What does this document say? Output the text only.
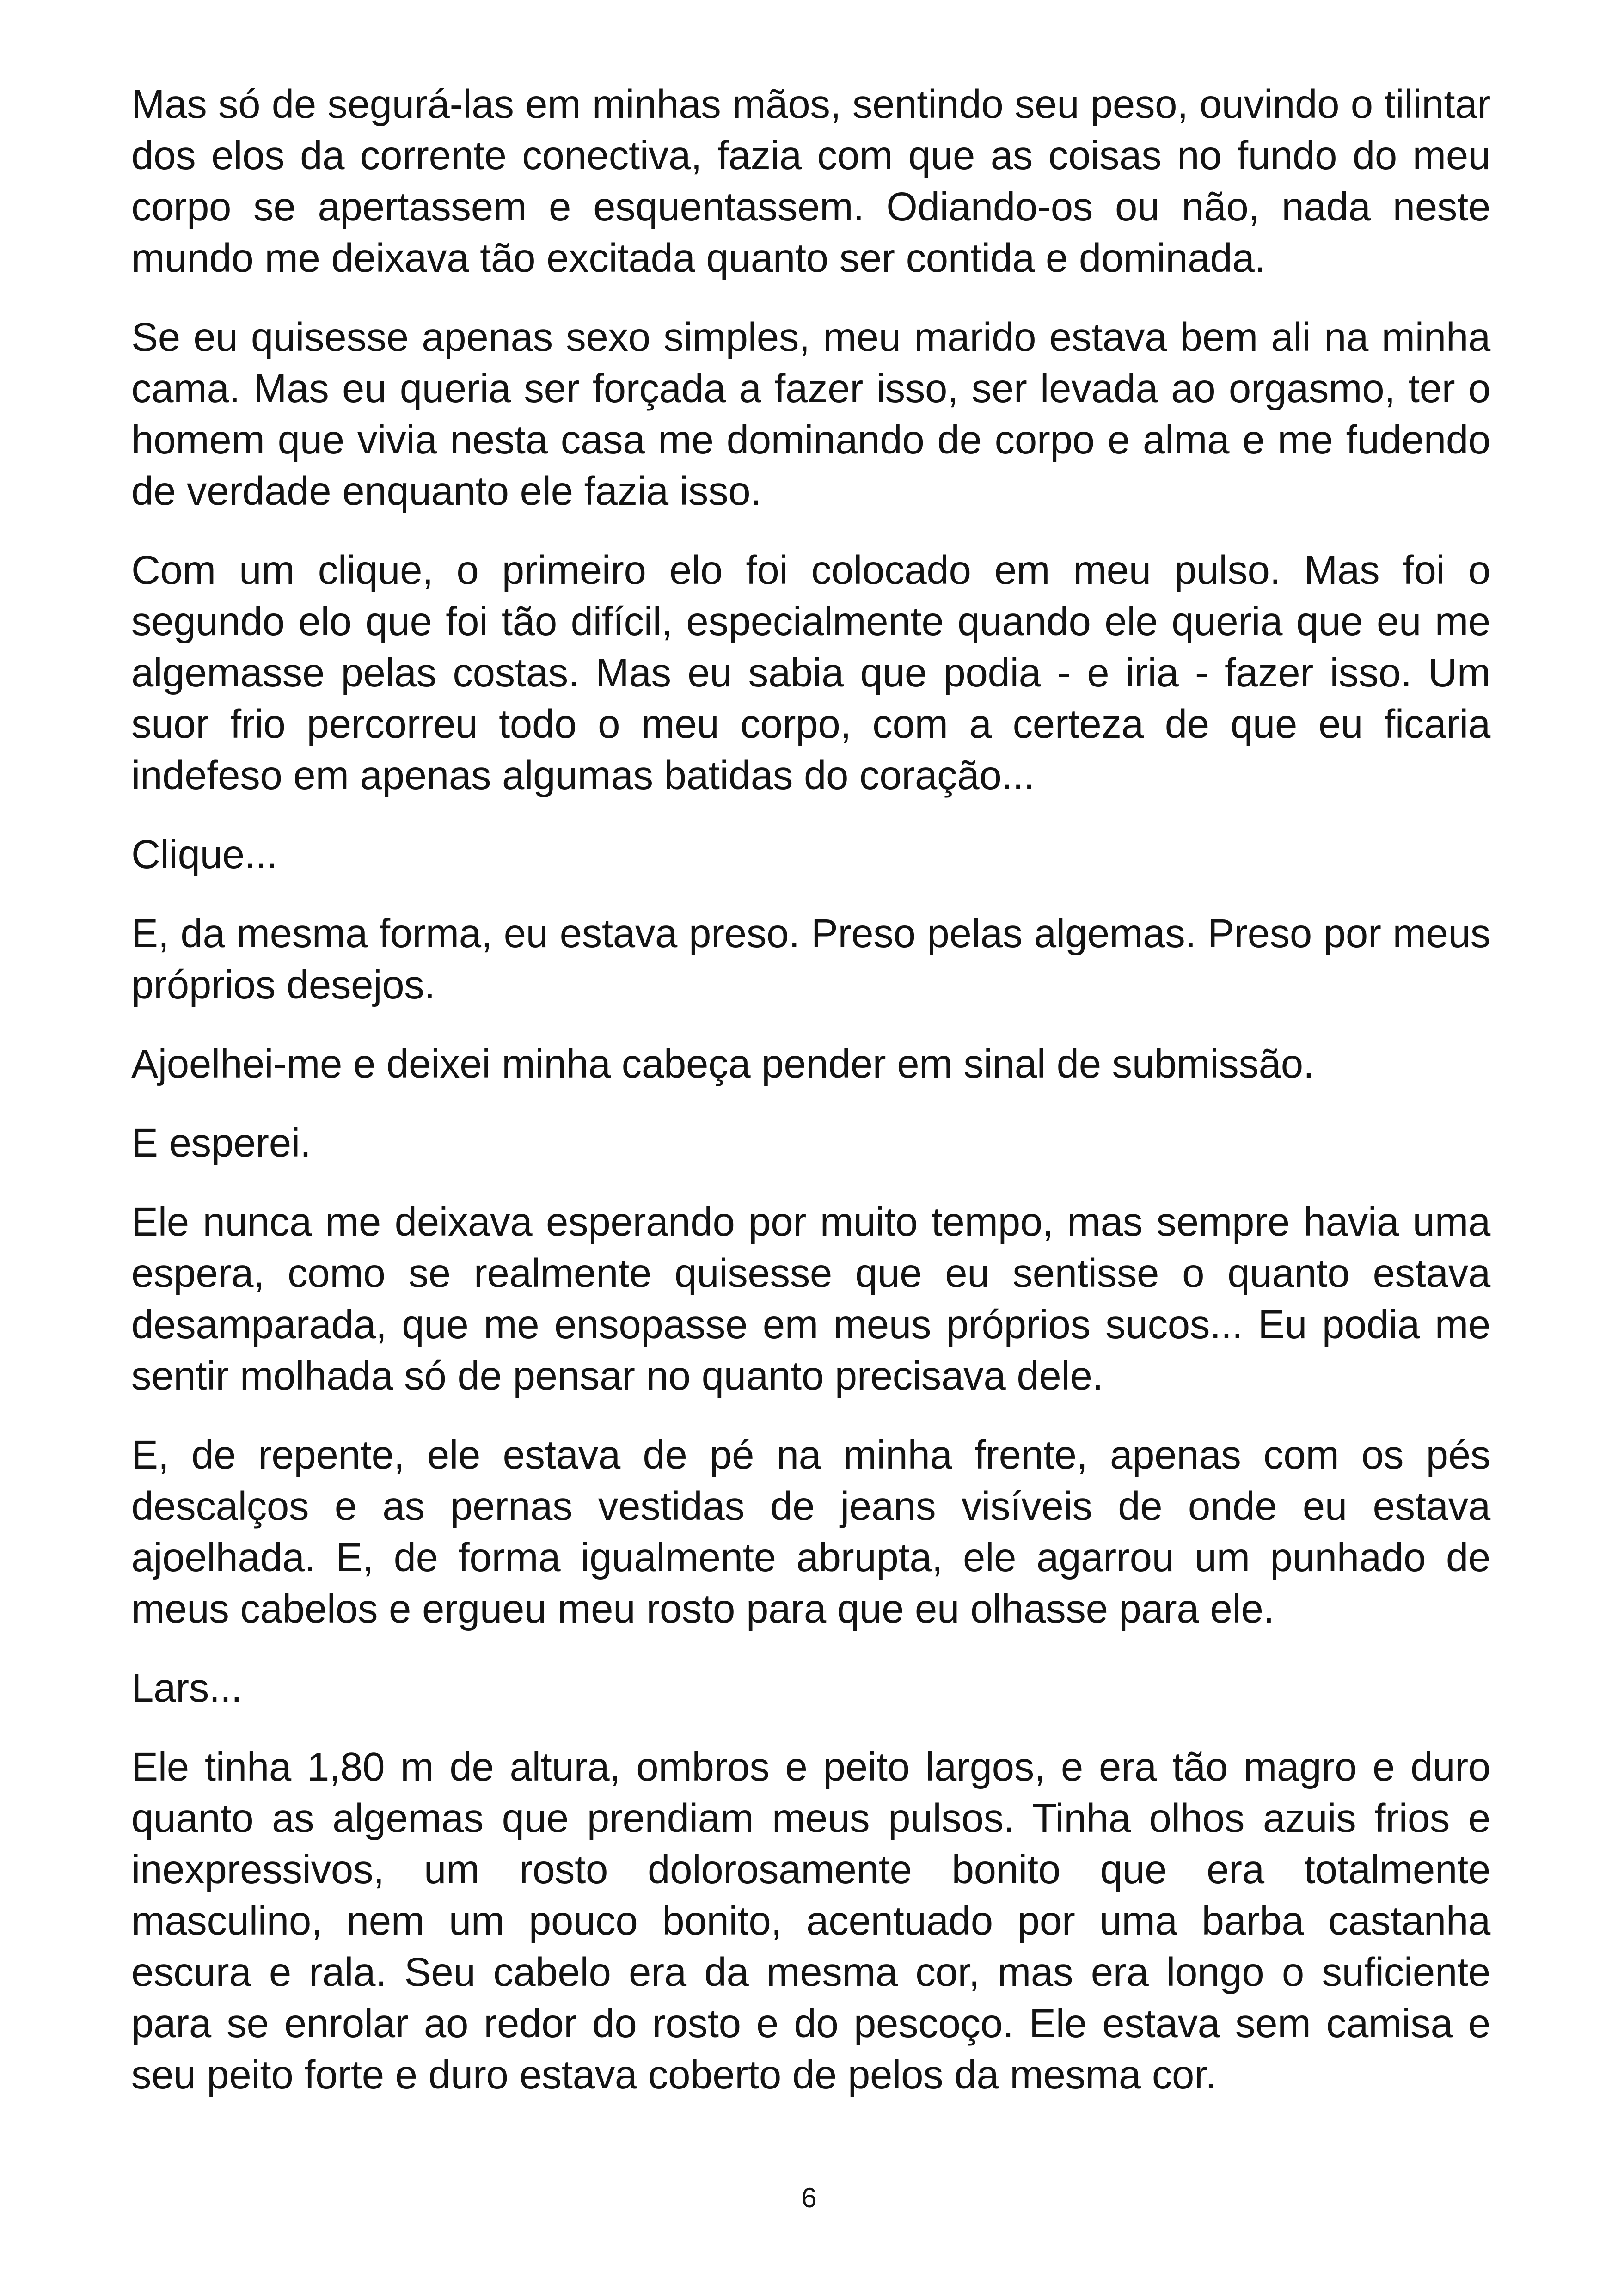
Mas só de segurá-las em minhas mãos, sentindo seu peso, ouvindo o tilintar dos elos da corrente conectiva, fazia com que as coisas no fundo do meu corpo se apertassem e esquentassem. Odiando-os ou não, nada neste mundo me deixava tão excitada quanto ser contida e dominada.

Se eu quisesse apenas sexo simples, meu marido estava bem ali na minha cama. Mas eu queria ser forçada a fazer isso, ser levada ao orgasmo, ter o homem que vivia nesta casa me dominando de corpo e alma e me fudendo de verdade enquanto ele fazia isso.

Com um clique, o primeiro elo foi colocado em meu pulso. Mas foi o segundo elo que foi tão difícil, especialmente quando ele queria que eu me algemasse pelas costas. Mas eu sabia que podia - e iria - fazer isso. Um suor frio percorreu todo o meu corpo, com a certeza de que eu ficaria indefeso em apenas algumas batidas do coração...

Clique...

E, da mesma forma, eu estava preso. Preso pelas algemas. Preso por meus próprios desejos.

Ajoelhei-me e deixei minha cabeça pender em sinal de submissão.

E esperei.

Ele nunca me deixava esperando por muito tempo, mas sempre havia uma espera, como se realmente quisesse que eu sentisse o quanto estava desamparada, que me ensopasse em meus próprios sucos... Eu podia me sentir molhada só de pensar no quanto precisava dele.

E, de repente, ele estava de pé na minha frente, apenas com os pés descalços e as pernas vestidas de jeans visíveis de onde eu estava ajoelhada. E, de forma igualmente abrupta, ele agarrou um punhado de meus cabelos e ergueu meu rosto para que eu olhasse para ele.

Lars...

Ele tinha 1,80 m de altura, ombros e peito largos, e era tão magro e duro quanto as algemas que prendiam meus pulsos. Tinha olhos azuis frios e inexpressivos, um rosto dolorosamente bonito que era totalmente masculino, nem um pouco bonito, acentuado por uma barba castanha escura e rala. Seu cabelo era da mesma cor, mas era longo o suficiente para se enrolar ao redor do rosto e do pescoço. Ele estava sem camisa e seu peito forte e duro estava coberto de pelos da mesma cor.

6
